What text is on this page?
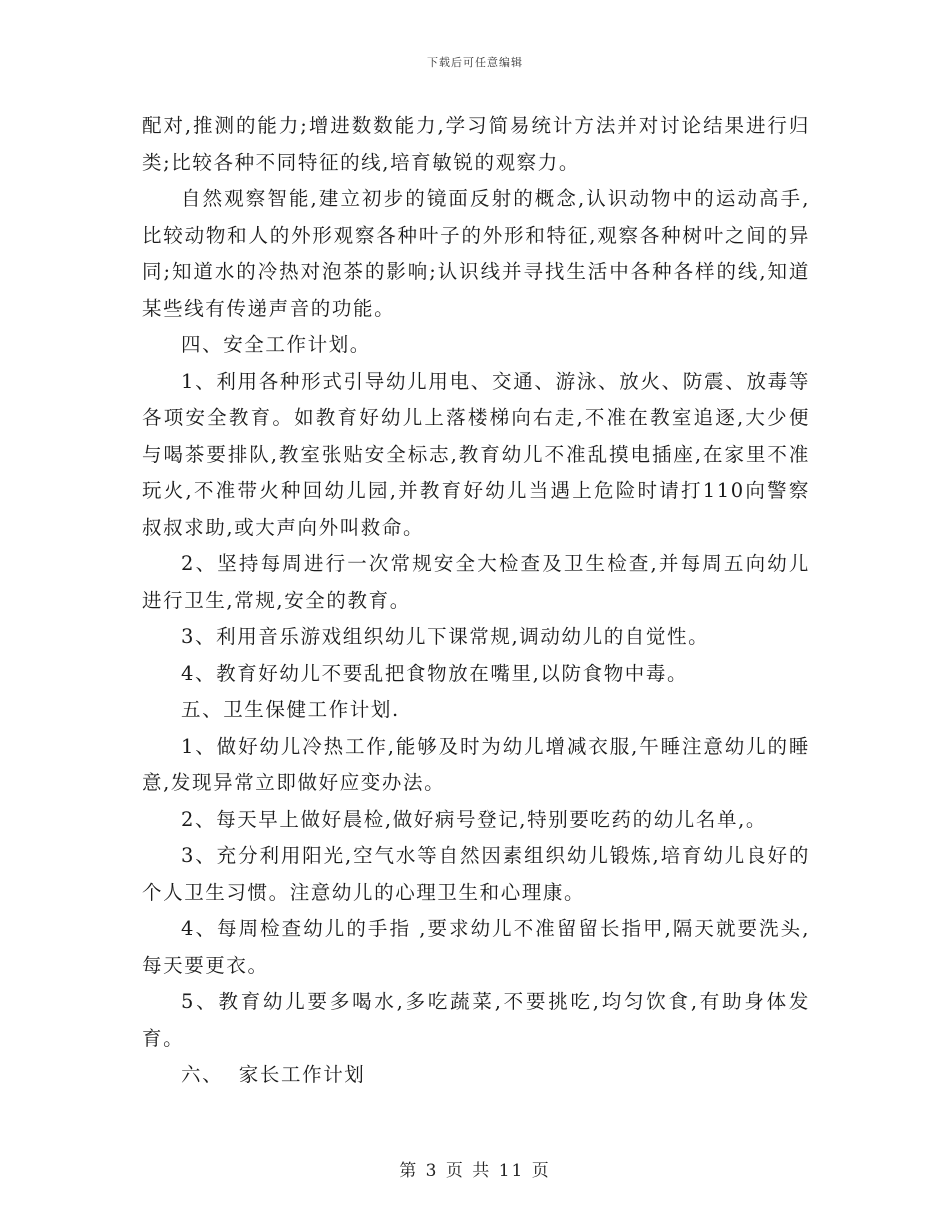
下载后可任意编辑

配对,推测的能力;增进数数能力,学习简易统计方法并对讨论结果进行归类;比较各种不同特征的线,培育敏锐的观察力。

自然观察智能,建立初步的镜面反射的概念,认识动物中的运动高手,比较动物和人的外形观察各种叶子的外形和特征,观察各种树叶之间的异同;知道水的冷热对泡茶的影响;认识线并寻找生活中各种各样的线,知道某些线有传递声音的功能。

四、安全工作计划。

1、利用各种形式引导幼儿用电、交通、游泳、放火、防震、放毒等各项安全教育。如教育好幼儿上落楼梯向右走,不准在教室追逐,大少便与喝茶要排队,教室张贴安全标志,教育幼儿不准乱摸电插座,在家里不准玩火,不准带火种回幼儿园,并教育好幼儿当遇上危险时请打110向警察叔叔求助,或大声向外叫救命。

2、坚持每周进行一次常规安全大检查及卫生检查,并每周五向幼儿进行卫生,常规,安全的教育。

3、利用音乐游戏组织幼儿下课常规,调动幼儿的自觉性。

4、教育好幼儿不要乱把食物放在嘴里,以防食物中毒。

五、卫生保健工作计划.

1、做好幼儿冷热工作,能够及时为幼儿增减衣服,午睡注意幼儿的睡意,发现异常立即做好应变办法。

2、每天早上做好晨检,做好病号登记,特别要吃药的幼儿名单,。

3、充分利用阳光,空气水等自然因素组织幼儿锻炼,培育幼儿良好的个人卫生习惯。注意幼儿的心理卫生和心理康。

4、每周检查幼儿的手指 ,要求幼儿不准留留长指甲,隔天就要洗头,每天要更衣。

5、教育幼儿要多喝水,多吃蔬菜,不要挑吃,均匀饮食,有助身体发育。

六、  家长工作计划

第 3 页 共 11 页
